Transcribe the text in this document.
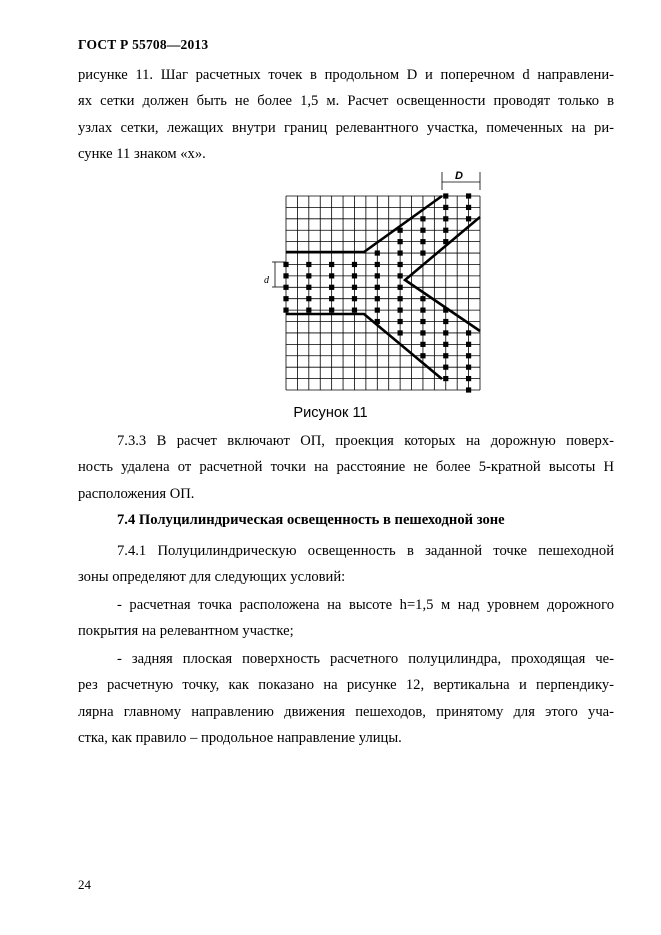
ГОСТ Р 55708—2013
рисунке 11. Шаг расчетных точек в продольном D и поперечном d направлени-
ях сетки должен быть не более 1,5 м. Расчет освещенности проводят только в
узлах сетки, лежащих внутри границ релевантного участка, помеченных на ри-
сунке 11 знаком «x».
D
d
Рисунок 11
7.3.3 В расчет включают ОП, проекция которых на дорожную поверх-
ность удалена от расчетной точки на расстояние не более 5-кратной высоты H
расположения ОП.
7.4 Полуцилиндрическая освещенность в пешеходной зоне
7.4.1 Полуцилиндрическую освещенность в заданной точке пешеходной
зоны определяют для следующих условий:
- расчетная точка расположена на высоте h=1,5 м над уровнем дорожного
покрытия на релевантном участке;
- задняя плоская поверхность расчетного полуцилиндра, проходящая че-
рез расчетную точку, как показано на рисунке 12, вертикальна и перпендику-
лярна главному направлению движения пешеходов, принятому для этого уча-
стка, как правило – продольное направление улицы.
24
